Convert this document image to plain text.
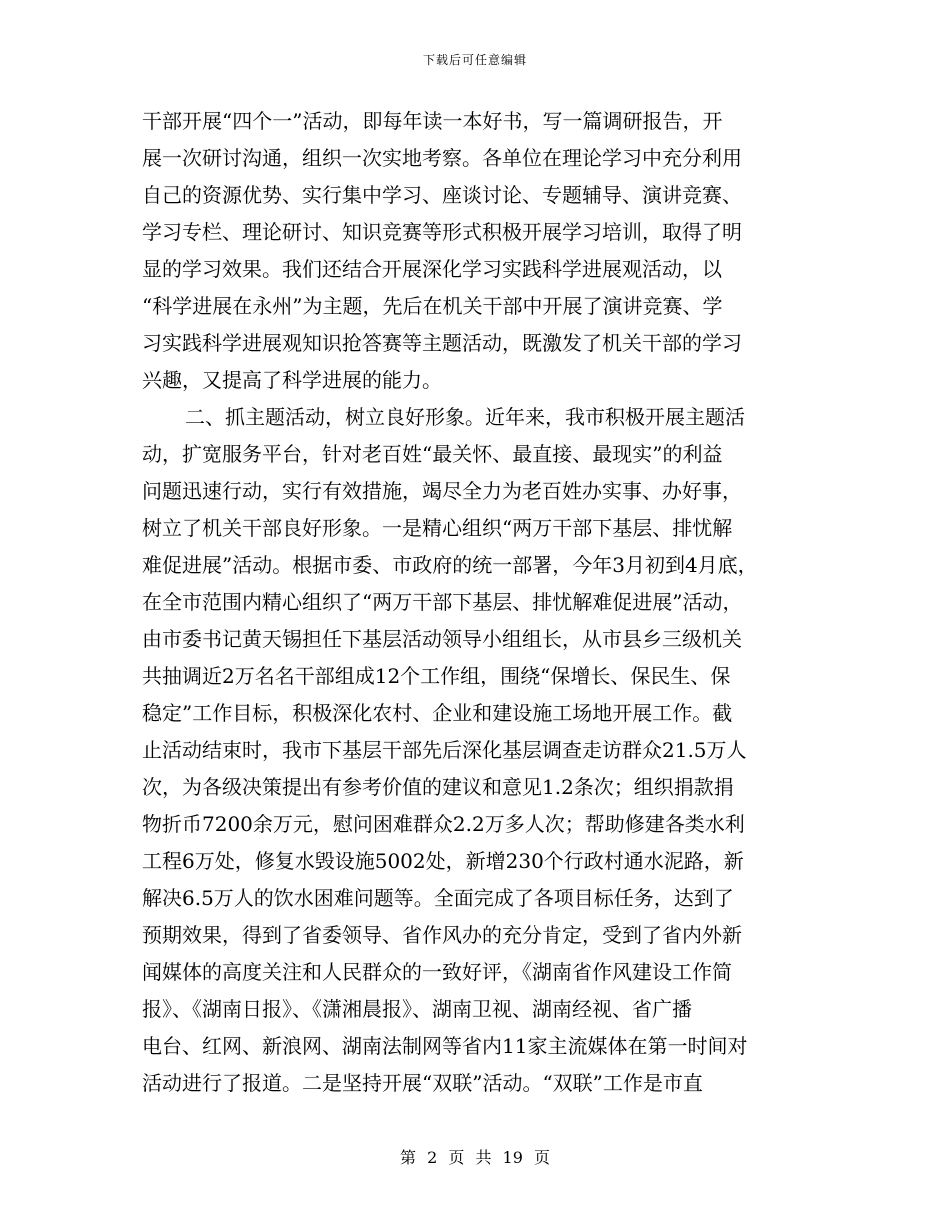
下载后可任意编辑
干部开展“四个一”活动，即每年读一本好书，写一篇调研报告，开
展一次研讨沟通，组织一次实地考察。各单位在理论学习中充分利用
自己的资源优势、实行集中学习、座谈讨论、专题辅导、演讲竞赛、
学习专栏、理论研讨、知识竞赛等形式积极开展学习培训，取得了明
显的学习效果。我们还结合开展深化学习实践科学进展观活动，以
“科学进展在永州”为主题，先后在机关干部中开展了演讲竞赛、学
习实践科学进展观知识抢答赛等主题活动，既激发了机关干部的学习
兴趣，又提高了科学进展的能力。
二、抓主题活动，树立良好形象。近年来，我市积极开展主题活
动，扩宽服务平台，针对老百姓“最关怀、最直接、最现实”的利益
问题迅速行动，实行有效措施，竭尽全力为老百姓办实事、办好事，
树立了机关干部良好形象。一是精心组织“两万干部下基层、排忧解
难促进展”活动。根据市委、市政府的统一部署，今年3月初到4月底，
在全市范围内精心组织了“两万干部下基层、排忧解难促进展”活动，
由市委书记黄天锡担任下基层活动领导小组组长，从市县乡三级机关
共抽调近2万名名干部组成12个工作组，围绕“保增长、保民生、保
稳定”工作目标，积极深化农村、企业和建设施工场地开展工作。截
止活动结束时，我市下基层干部先后深化基层调查走访群众21.5万人
次，为各级决策提出有参考价值的建议和意见1.2条次；组织捐款捐
物折币7200余万元，慰问困难群众2.2万多人次；帮助修建各类水利
工程6万处，修复水毁设施5002处，新增230个行政村通水泥路，新
解决6.5万人的饮水困难问题等。全面完成了各项目标任务，达到了
预期效果，得到了省委领导、省作风办的充分肯定，受到了省内外新
闻媒体的高度关注和人民群众的一致好评，《湖南省作风建设工作简
报》、《湖南日报》、《潇湘晨报》、湖南卫视、湖南经视、省广播
电台、红网、新浪网、湖南法制网等省内11家主流媒体在第一时间对
活动进行了报道。二是坚持开展“双联”活动。“双联”工作是市直
第 2 页 共 19 页
